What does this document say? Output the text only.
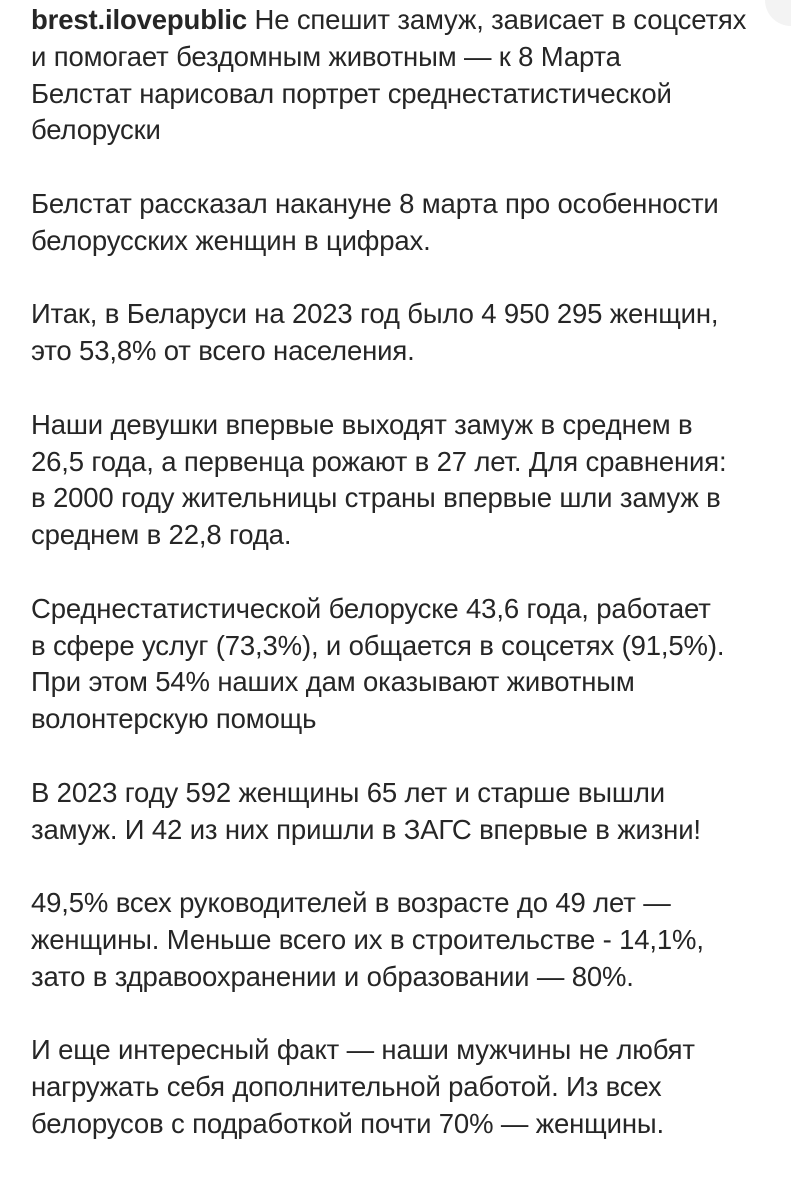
brest.ilovepublic Не спешит замуж, зависает в соцсетях
и помогает бездомным животным — к 8 Марта
Белстат нарисовал портрет среднестатистической
белоруски

Белстат рассказал накануне 8 марта про особенности
белорусских женщин в цифрах.

Итак, в Беларуси на 2023 год было 4 950 295 женщин,
это 53,8% от всего населения.

Наши девушки впервые выходят замуж в среднем в
26,5 года, а первенца рожают в 27 лет. Для сравнения:
в 2000 году жительницы страны впервые шли замуж в
среднем в 22,8 года.

Среднестатистической белоруске 43,6 года, работает
в сфере услуг (73,3%), и общается в соцсетях (91,5%).
При этом 54% наших дам оказывают животным
волонтерскую помощь

В 2023 году 592 женщины 65 лет и старше вышли
замуж. И 42 из них пришли в ЗАГС впервые в жизни!

49,5% всех руководителей в возрасте до 49 лет —
женщины. Меньше всего их в строительстве - 14,1%,
зато в здравоохранении и образовании — 80%.

И еще интересный факт — наши мужчины не любят
нагружать себя дополнительной работой. Из всех
белорусов с подработкой почти 70% — женщины.
